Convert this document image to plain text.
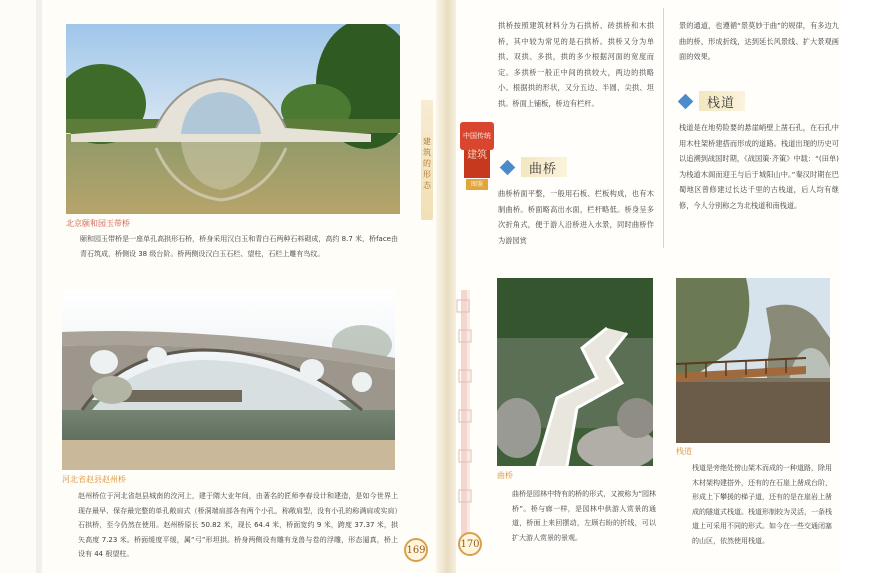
北京颐和园玉带桥
颐和园玉带桥是一座单孔高拱形石桥，桥身采用汉白玉和青白石两种石料砌成，高约 8.7 米，桥face由青石筑成，桥侧设 38 级台阶。桥两侧设汉白玉石栏、望柱，石栏上雕有鸟纹。
河北省赵县赵州桥
赵州桥位于河北省赵县城南的洨河上，建于隋大业年间，由著名的匠师李春设计和建造，是如今世界上现存最早、保存最完整的单孔敞肩式（桥洞端肩部各有两个小孔，称敞肩型，没有小孔的称满肩或实肩）石拱桥，至今仍然在使用。赵州桥原长 50.82 米，现长 64.4 米，桥面宽约 9 米，跨度 37.37 米，拱矢高度 7.23 米。桥面缓度平缓，属“弓”形坦拱。桥身两侧设有雕有龙兽与卷的浮雕，形态逼真，桥上设有 44 根望柱。	169
建筑的形态
中国传统
建筑
图鉴
拱桥按照建筑材料分为石拱桥、砖拱桥和木拱桥，其中较为常见的是石拱桥。拱桥又分为单拱、双拱、多拱，拱的多少根据河面的宽度而定。多拱桥一般正中间的拱较大，两边的拱略小。根据拱的形状，又分五边、半圆、尖拱、坦拱。桥面上铺板，桥边有栏杆。
曲桥
曲桥桥面平整，一般用石板、栏板构成，也有木制曲桥。桥面略高出水面，栏杆略低。桥身呈多次折角式，便于游人沿桥进入水景，同时曲桥作为游园赏
景的通道，也遵循“景莫妙于曲”的规律，有多边九曲的桥，形成折线，达到延长风景线、扩大景观画面的效果。
栈道
栈道是在地势险要的悬崖峭壁上凿石孔，在石孔中用木柱架桥建搭而形成的道路。栈道出现的历史可以追溯到战国时期，《战国策·齐策》中载：“(田单)为栈道木阁而迎王与后于城阳山中。”秦汉时期在巴蜀地区曾修建过长达千里的古栈道，后人均有继修，今人分别称之为北栈道和南栈道。
曲桥
曲桥是园林中特有的桥的形式，又被称为“园林桥”。桥与廊一样，是园林中供游人赏景的通道，桥面上来回摆动，左顾右盼的折线，可以扩大游人赏景的景观。
栈道
栈道是旁绝处傍山架木而成的一种道路，除用木材架构建搭外，还有的在石崖上凿成台阶，形成上下攀援的梯子道，还有的是在崖岩上凿成的隧道式栈道。栈道形制较为灵活，一条栈道上可采用不同的形式。如今在一些交通闭塞的山区，依然使用栈道。
170
